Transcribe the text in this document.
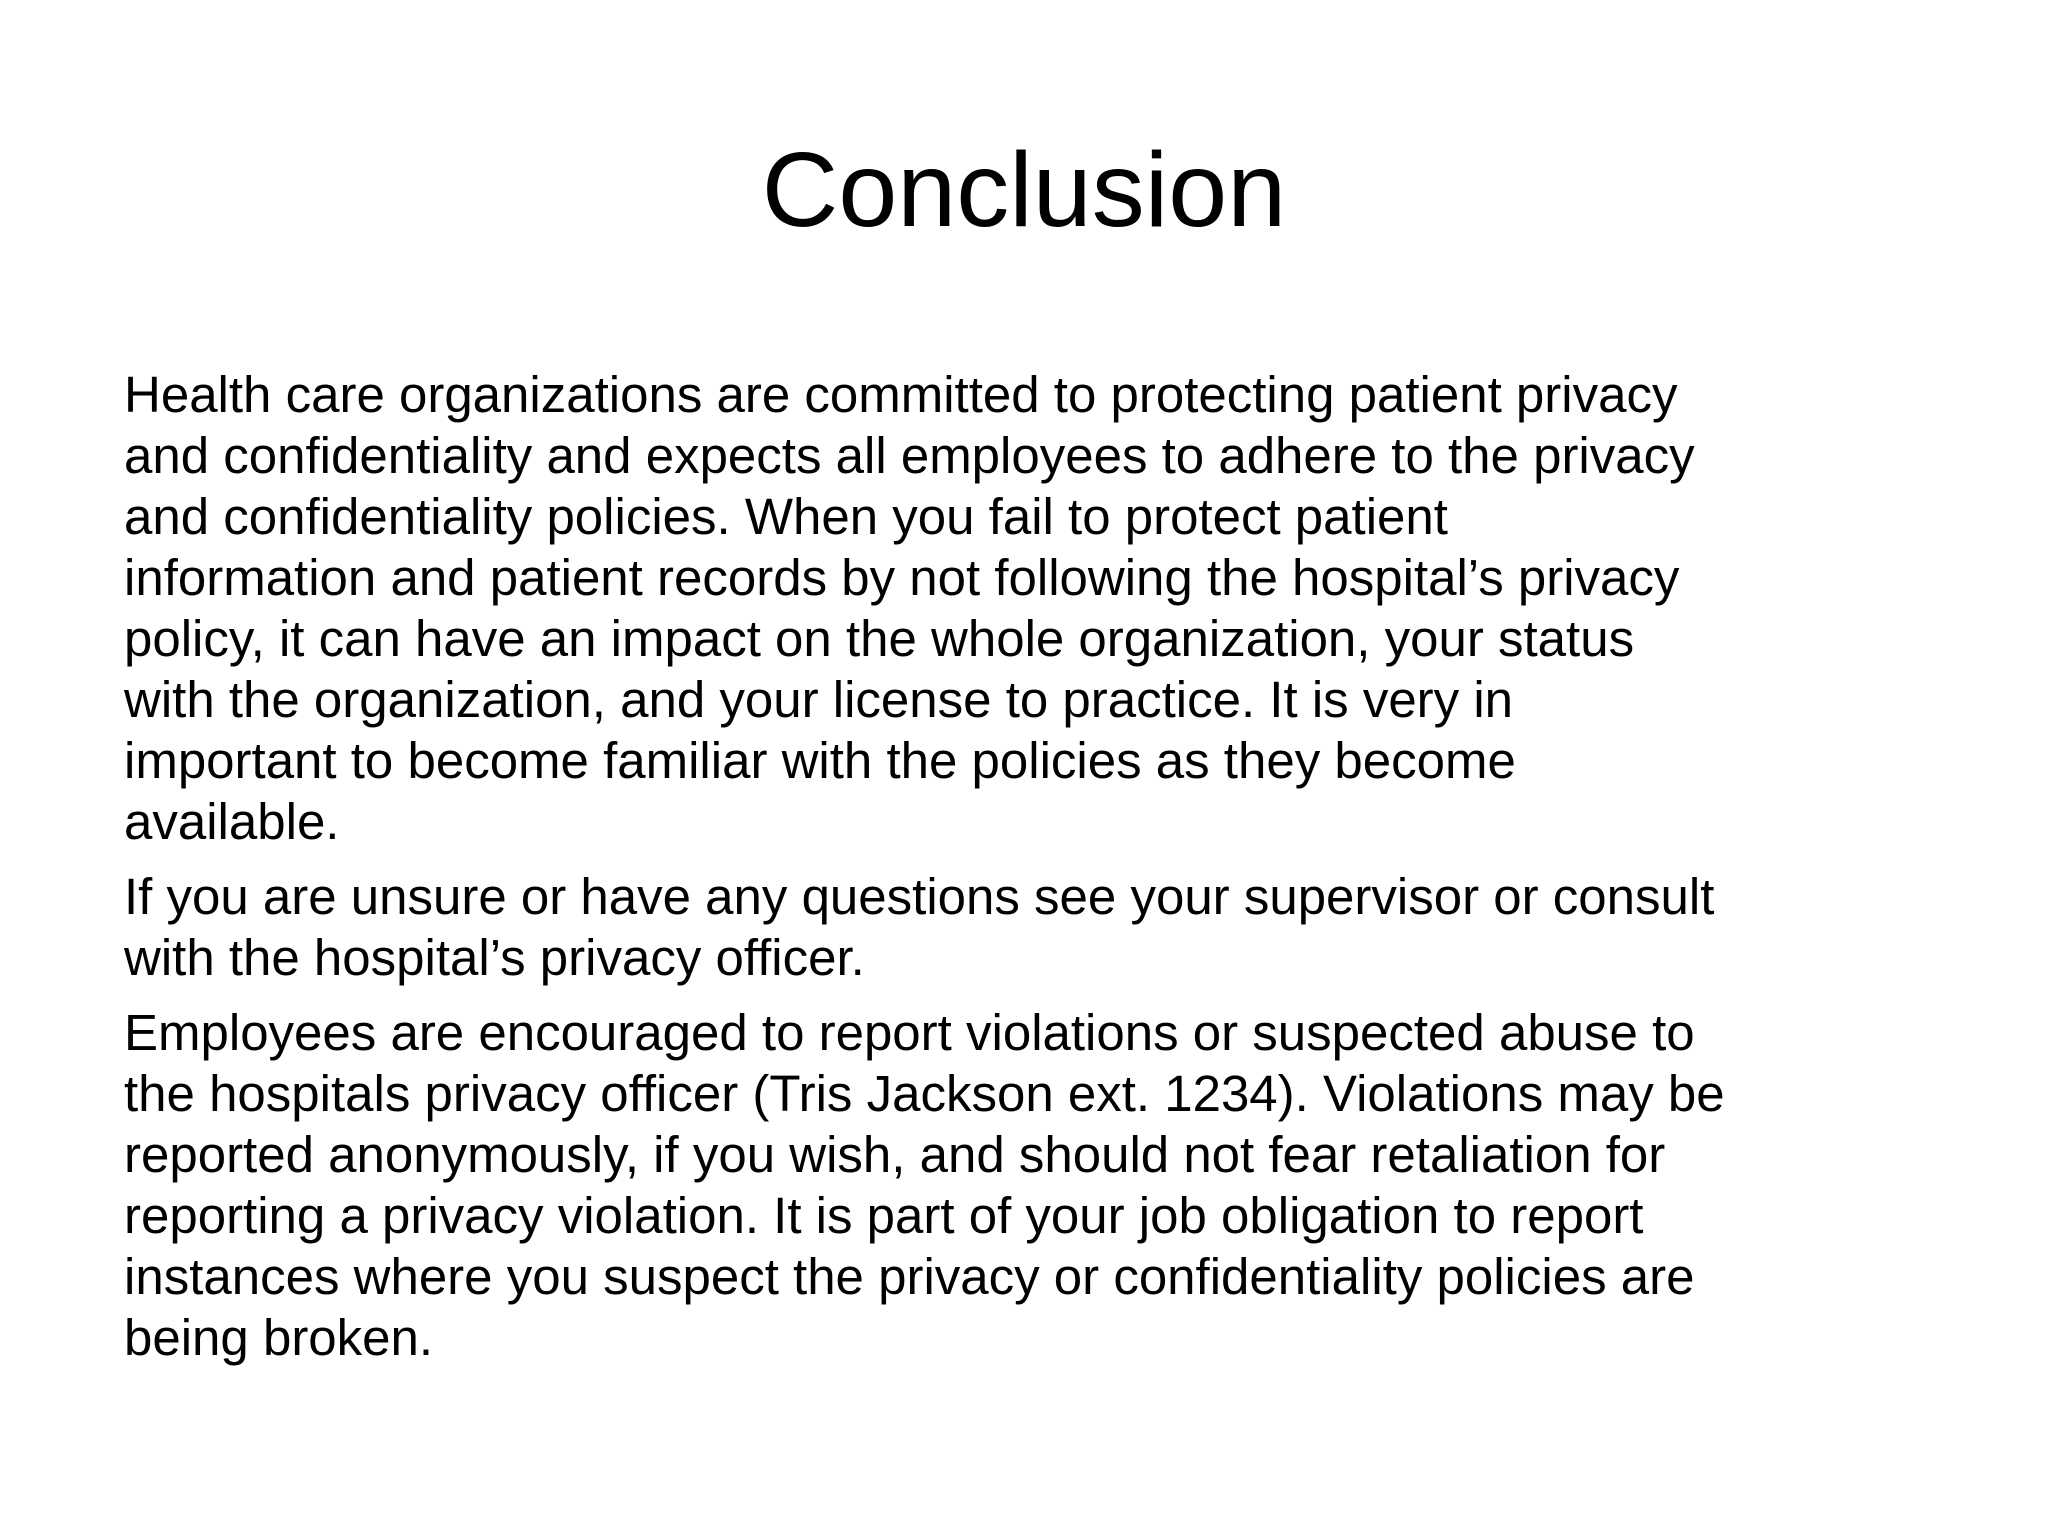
Conclusion

Health care organizations are committed to protecting patient privacy
and confidentiality and expects all employees to adhere to the privacy
and confidentiality policies. When you fail to protect patient
information and patient records by not following the hospital’s privacy
policy, it can have an impact on the whole organization, your status
with the organization, and your license to practice. It is very in
important to become familiar with the policies as they become
available.

If you are unsure or have any questions see your supervisor or consult
with the hospital’s privacy officer.

Employees are encouraged to report violations or suspected abuse to
the hospitals privacy officer (Tris Jackson ext. 1234). Violations may be
reported anonymously, if you wish, and should not fear retaliation for
reporting a privacy violation. It is part of your job obligation to report
instances where you suspect the privacy or confidentiality policies are
being broken.
